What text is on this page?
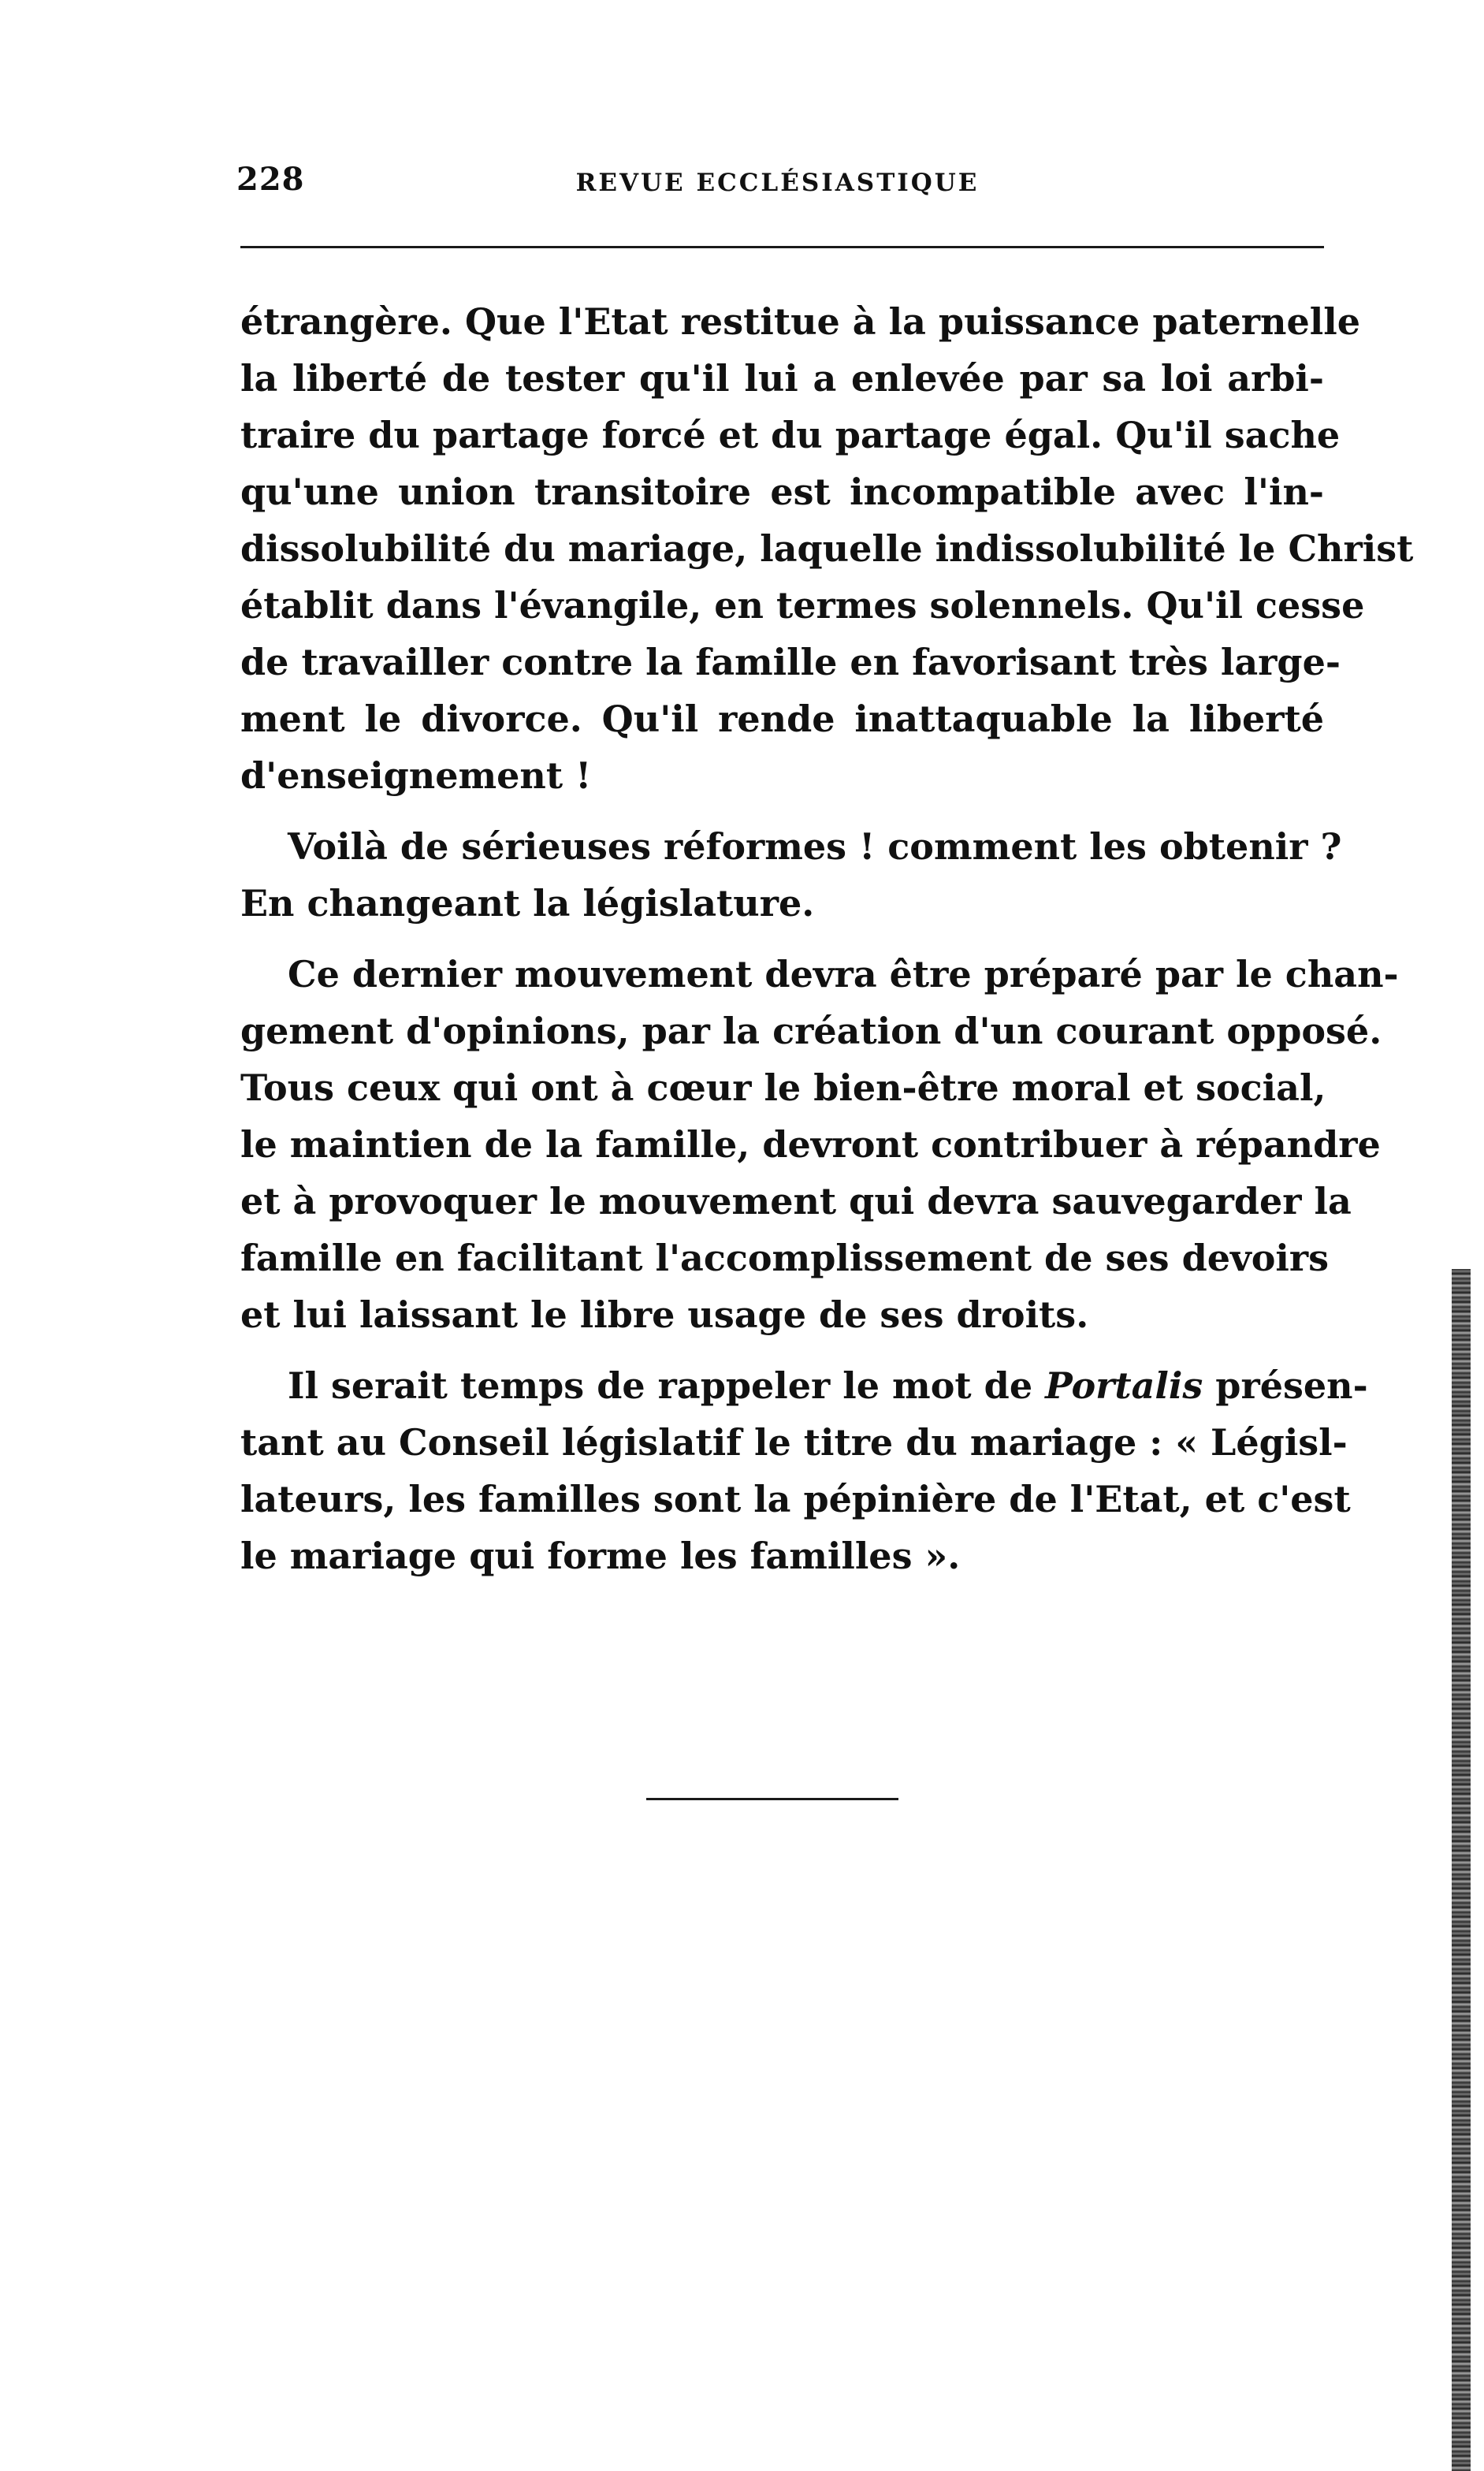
228	REVUE ECCLÉSIASTIQUE
étrangère. Que l'Etat restitue à la puissance paternelle
la liberté de tester qu'il lui a enlevée par sa loi arbi-
traire du partage forcé et du partage égal. Qu'il sache
qu'une union transitoire est incompatible avec l'in-
dissolubilité du mariage, laquelle indissolubilité le Christ
établit dans l'évangile, en termes solennels. Qu'il cesse
de travailler contre la famille en favorisant très large-
ment le divorce. Qu'il rende inattaquable la liberté
d'enseignement !
Voilà de sérieuses réformes ! comment les obtenir ?
En changeant la législature.
Ce dernier mouvement devra être préparé par le chan-
gement d'opinions, par la création d'un courant opposé.
Tous ceux qui ont à cœur le bien-être moral et social,
le maintien de la famille, devront contribuer à répandre
et à provoquer le mouvement qui devra sauvegarder la
famille en facilitant l'accomplissement de ses devoirs
et lui laissant le libre usage de ses droits.
Il serait temps de rappeler le mot de Portalis présen-
tant au Conseil législatif le titre du mariage : « Législ-
lateurs, les familles sont la pépinière de l'Etat, et c'est
le mariage qui forme les familles ».
